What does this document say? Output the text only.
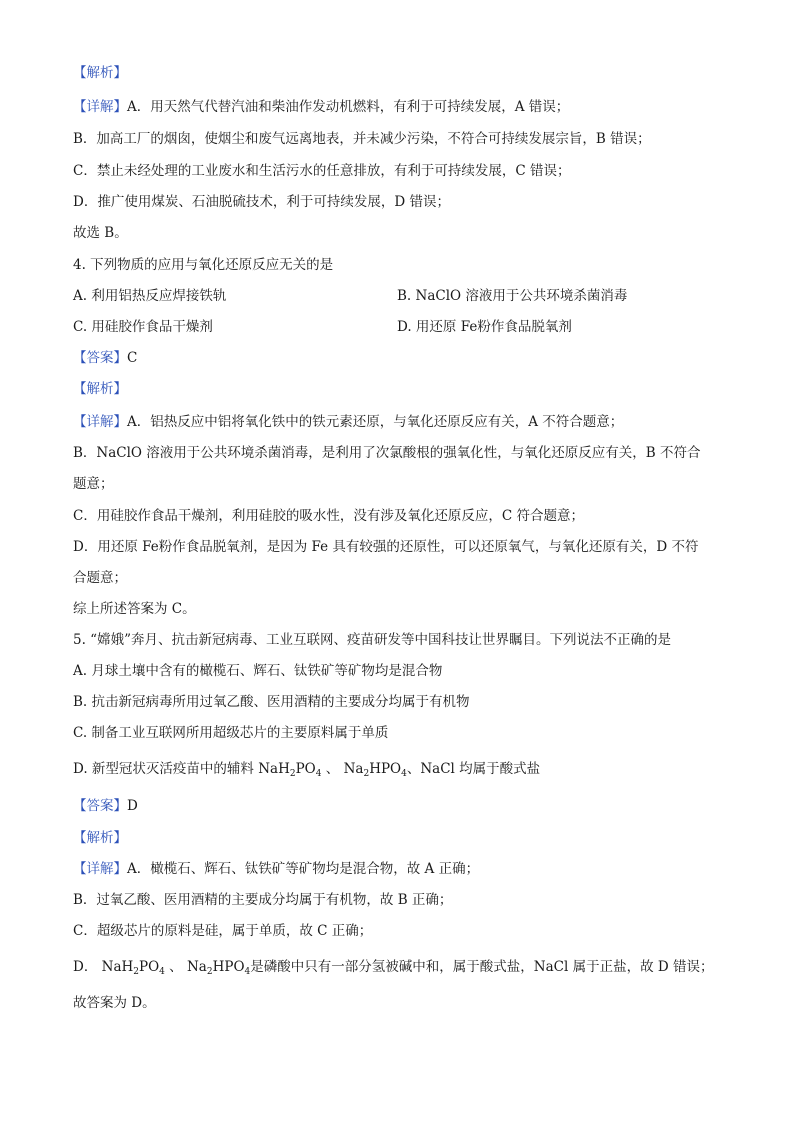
【解析】
【详解】A．用天然气代替汽油和柴油作发动机燃料，有利于可持续发展，A 错误；
B．加高工厂的烟囱，使烟尘和废气远离地表，并未减少污染，不符合可持续发展宗旨，B 错误；
C．禁止未经处理的工业废水和生活污水的任意排放，有利于可持续发展，C 错误；
D．推广使用煤炭、石油脱硫技术，利于可持续发展，D 错误；
故选 B。
4. 下列物质的应用与氧化还原反应无关的是
A. 利用铝热反应焊接铁轨	B. NaClO 溶液用于公共环境杀菌消毒
C. 用硅胶作食品干燥剂	D. 用还原 Fe粉作食品脱氧剂
【答案】C
【解析】
【详解】A．铝热反应中铝将氧化铁中的铁元素还原，与氧化还原反应有关，A 不符合题意；
B．NaClO 溶液用于公共环境杀菌消毒，是利用了次氯酸根的强氧化性，与氧化还原反应有关，B 不符合
题意；
C．用硅胶作食品干燥剂，利用硅胶的吸水性，没有涉及氧化还原反应，C 符合题意；
D．用还原 Fe粉作食品脱氧剂，是因为 Fe 具有较强的还原性，可以还原氧气，与氧化还原有关，D 不符
合题意；
综上所述答案为 C。
5. “嫦娥”奔月、抗击新冠病毒、工业互联网、疫苗研发等中国科技让世界瞩目。下列说法不正确的是
A. 月球土壤中含有的橄榄石、辉石、钛铁矿等矿物均是混合物
B. 抗击新冠病毒所用过氧乙酸、医用酒精的主要成分均属于有机物
C. 制备工业互联网所用超级芯片的主要原料属于单质
D. 新型冠状灭活疫苗中的辅料 $NaH_2PO_4$ 、 $Na_2HPO_4$、NaCl 均属于酸式盐
【答案】D
【解析】
【详解】A．橄榄石、辉石、钛铁矿等矿物均是混合物，故 A 正确；
B．过氧乙酸、医用酒精的主要成分均属于有机物，故 B 正确；
C．超级芯片的原料是硅，属于单质，故 C 正确；
D． $NaH_2PO_4$ 、 $Na_2HPO_4$是磷酸中只有一部分氢被碱中和，属于酸式盐，NaCl 属于正盐，故 D 错误；
故答案为 D。
